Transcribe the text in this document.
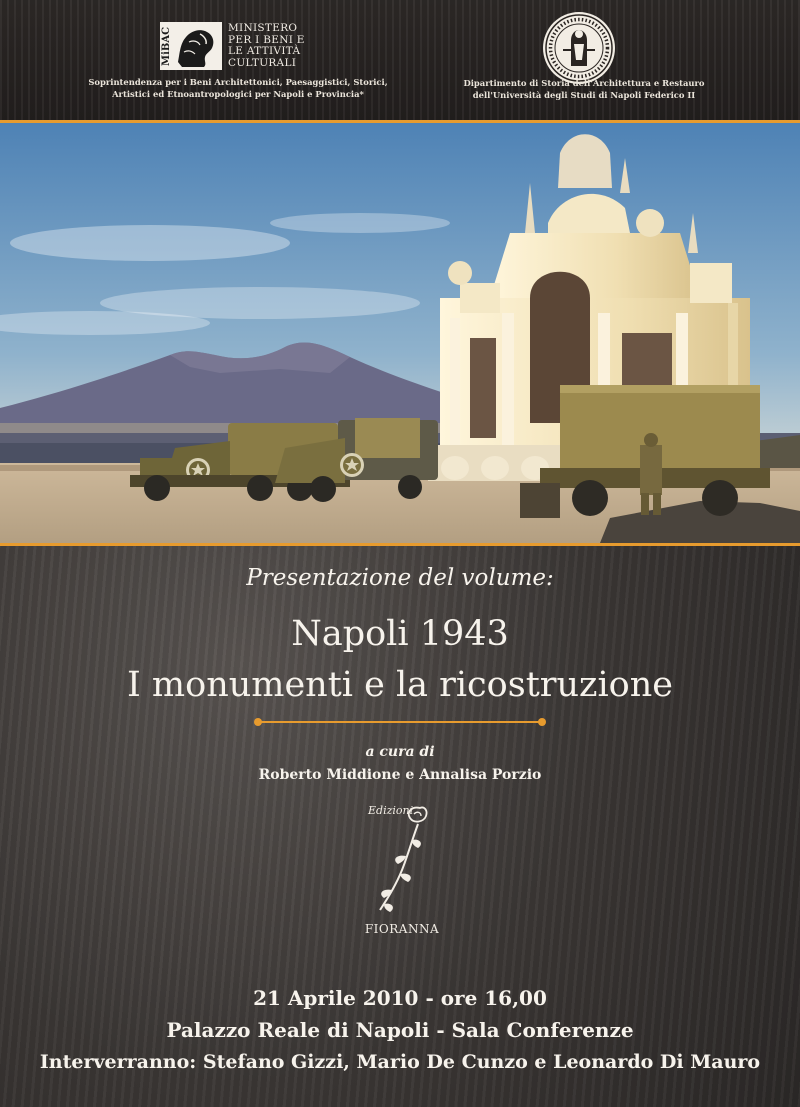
MiBAC	MINISTERO
PER I BENI E
LE ATTIVITÀ
CULTURALI
Soprintendenza per i Beni Architettonici, Paesaggistici, Storici, Artistici ed Etnoantropologici per Napoli e Provincia*
Dipartimento di Storia dell'Architettura e Restauro dell'Università degli Studi di Napoli Federico II
Presentazione del volume:
Napoli 1943
I monumenti e la ricostruzione
a cura di
Roberto Middione e Annalisa Porzio
Edizioni
FIORANNA
21 Aprile 2010 - ore 16,00
Palazzo Reale di Napoli - Sala Conferenze
Interverranno: Stefano Gizzi, Mario De Cunzo e Leonardo Di Mauro
